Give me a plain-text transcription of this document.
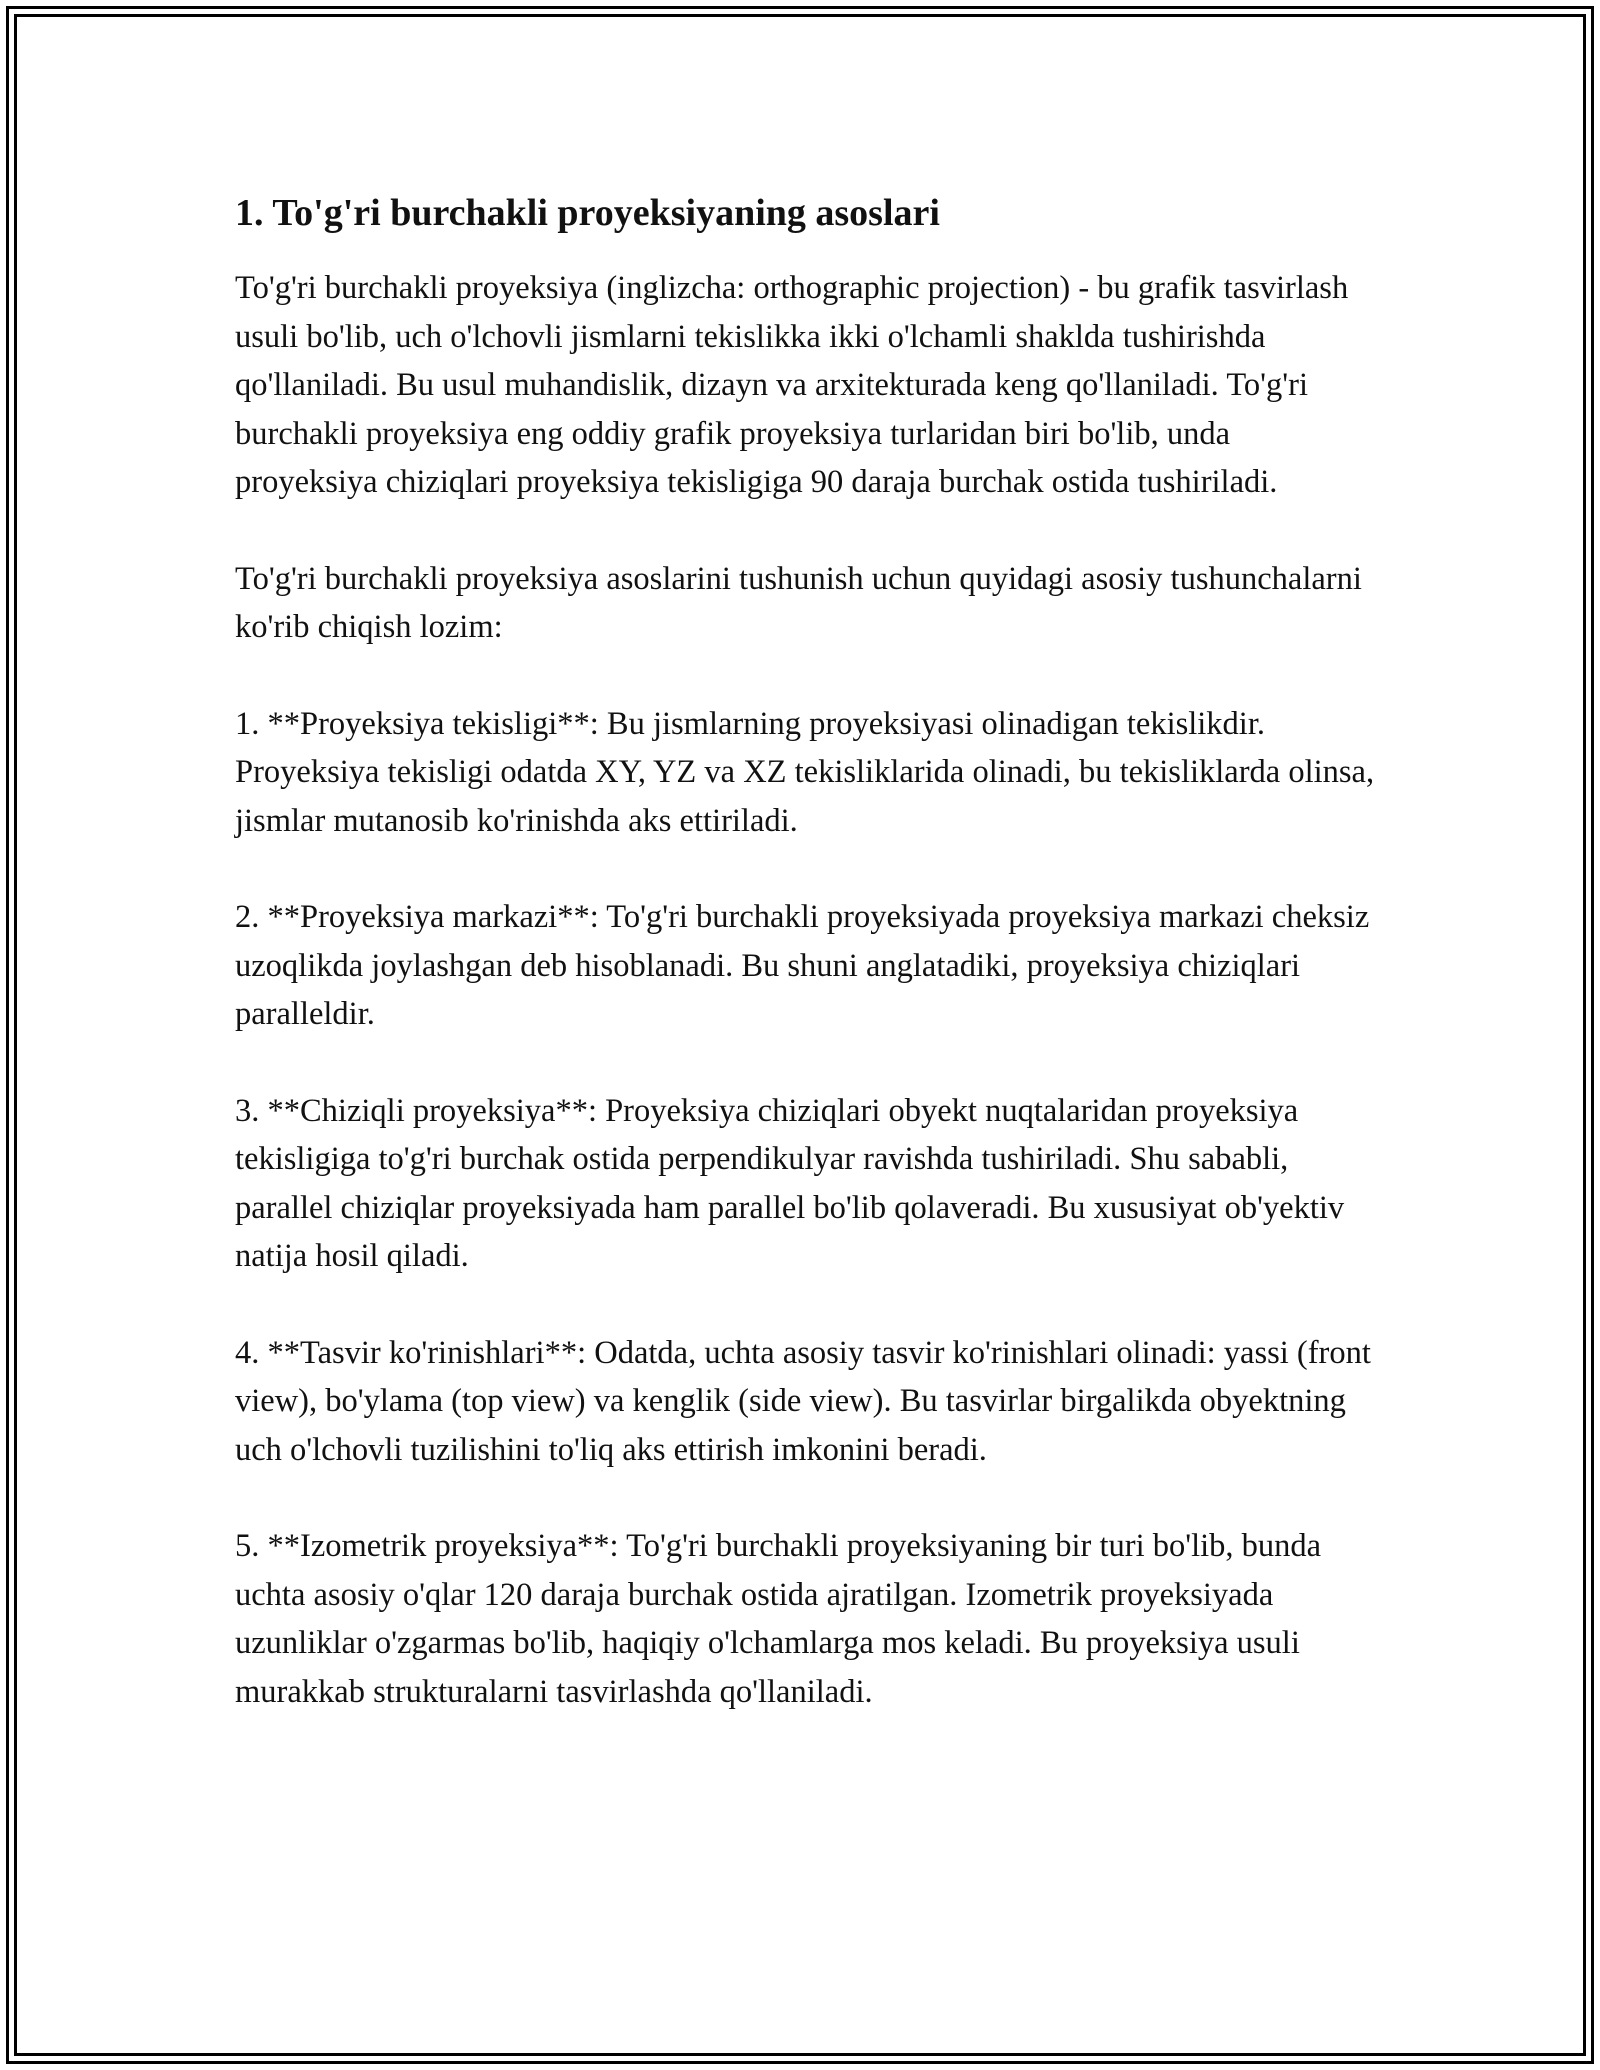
1. To'g'ri burchakli proyeksiyaning asoslari

To'g'ri burchakli proyeksiya (inglizcha: orthographic projection) - bu grafik tasvirlash usuli bo'lib, uch o'lchovli jismlarni tekislikka ikki o'lchamli shaklda tushirishda qo'llaniladi. Bu usul muhandislik, dizayn va arxitekturada keng qo'llaniladi. To'g'ri burchakli proyeksiya eng oddiy grafik proyeksiya turlaridan biri bo'lib, unda proyeksiya chiziqlari proyeksiya tekisligiga 90 daraja burchak ostida tushiriladi.

To'g'ri burchakli proyeksiya asoslarini tushunish uchun quyidagi asosiy tushunchalarni ko'rib chiqish lozim:

1. **Proyeksiya tekisligi**: Bu jismlarning proyeksiyasi olinadigan tekislikdir. Proyeksiya tekisligi odatda XY, YZ va XZ tekisliklarida olinadi, bu tekisliklarda olinsa, jismlar mutanosib ko'rinishda aks ettiriladi.

2. **Proyeksiya markazi**: To'g'ri burchakli proyeksiyada proyeksiya markazi cheksiz uzoqlikda joylashgan deb hisoblanadi. Bu shuni anglatadiki, proyeksiya chiziqlari paralleldir.

3. **Chiziqli proyeksiya**: Proyeksiya chiziqlari obyekt nuqtalaridan proyeksiya tekisligiga to'g'ri burchak ostida perpendikulyar ravishda tushiriladi. Shu sababli, parallel chiziqlar proyeksiyada ham parallel bo'lib qolaveradi. Bu xususiyat ob'yektiv natija hosil qiladi.

4. **Tasvir ko'rinishlari**: Odatda, uchta asosiy tasvir ko'rinishlari olinadi: yassi (front view), bo'ylama (top view) va kenglik (side view). Bu tasvirlar birgalikda obyektning uch o'lchovli tuzilishini to'liq aks ettirish imkonini beradi.

5. **Izometrik proyeksiya**: To'g'ri burchakli proyeksiyaning bir turi bo'lib, bunda uchta asosiy o'qlar 120 daraja burchak ostida ajratilgan. Izometrik proyeksiyada uzunliklar o'zgarmas bo'lib, haqiqiy o'lchamlarga mos keladi. Bu proyeksiya usuli murakkab strukturalarni tasvirlashda qo'llaniladi.
